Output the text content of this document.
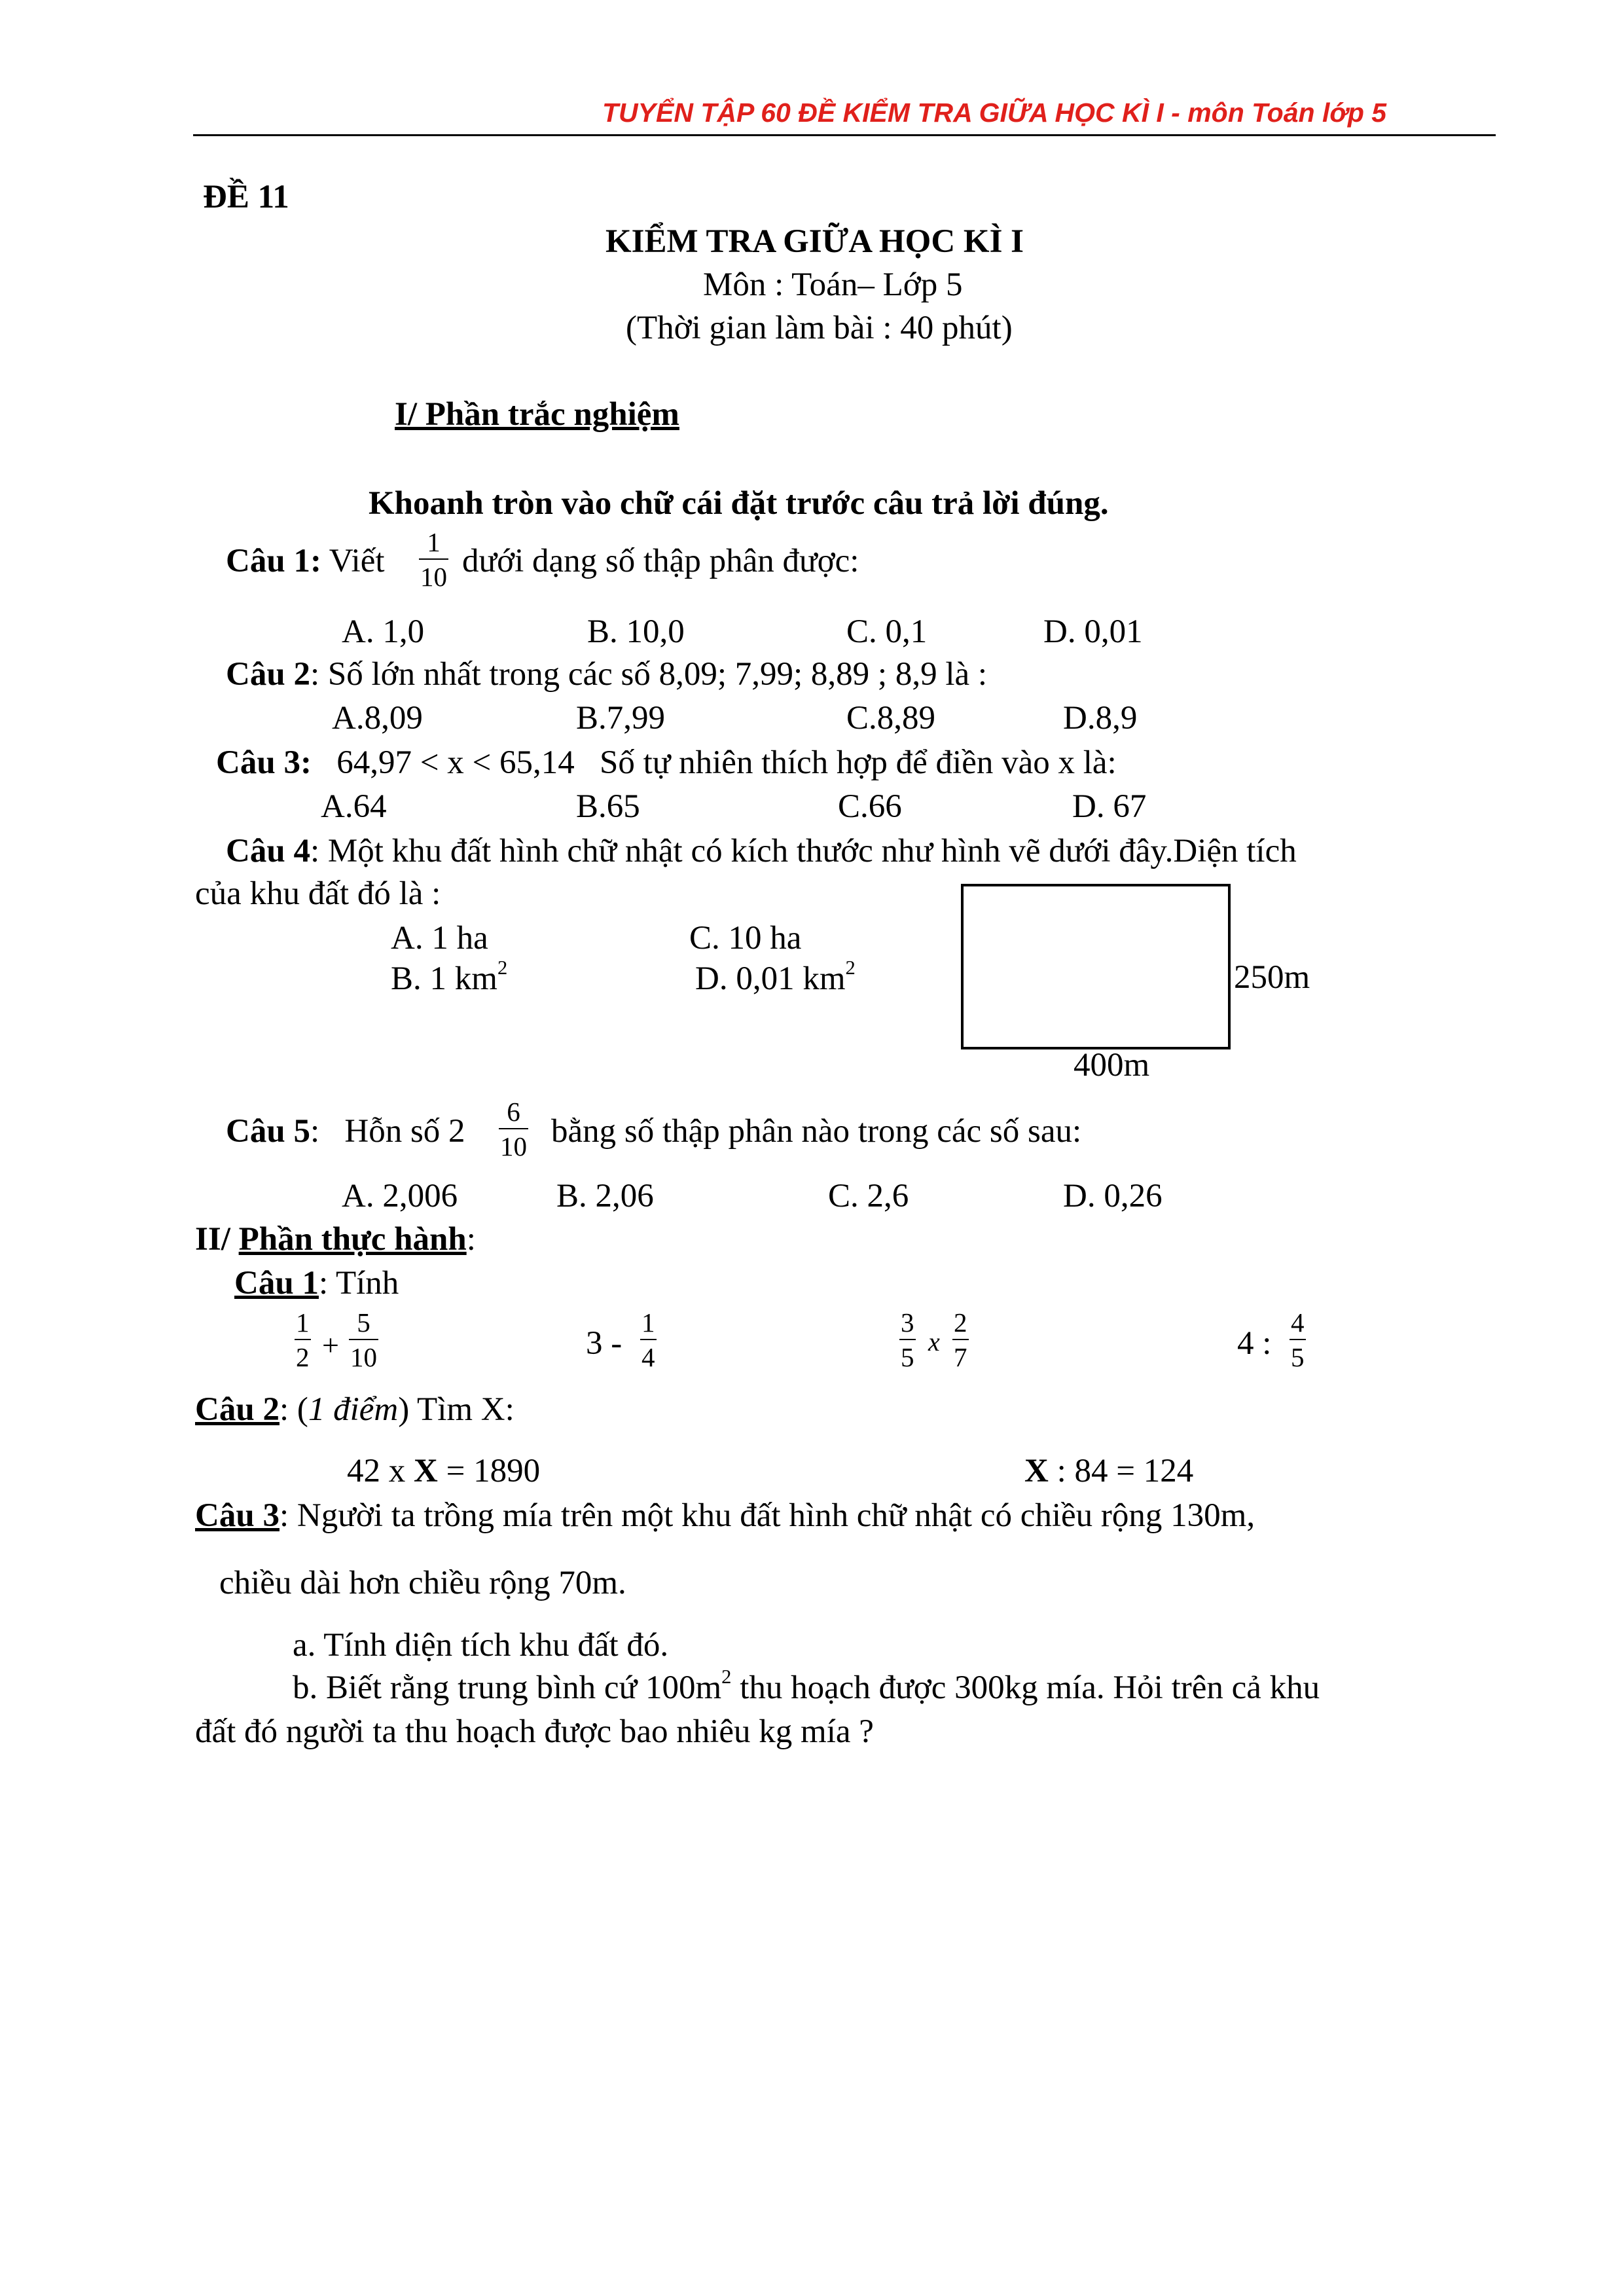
TUYỂN TẬP 60 ĐỀ KIỂM TRA GIỮA HỌC KÌ I - môn Toán lớp 5
ĐỀ 11
KIỂM TRA GIỮA HỌC KÌ I
Môn : Toán– Lớp 5
(Thời gian làm bài : 40 phút)
I/ Phần trắc nghiệm
Khoanh tròn vào chữ cái đặt trước câu trả lời đúng.
Câu 1: Viết
1
10 dưới dạng số thập phân được:
A. 1,0	B. 10,0	C. 0,1	D. 0,01
Câu 2: Số lớn nhất trong các số 8,09; 7,99; 8,89 ; 8,9 là :
A.8,09	B.7,99	C.8,89	D.8,9
Câu 3: 64,97 < x < 65,14   Số tự nhiên thích hợp để điền vào x là:
A.64	B.65	C.66	D. 67
Câu 4: Một khu đất hình chữ nhật có kích thước như hình vẽ dưới đây.Diện tích
của khu đất đó là :
A. 1 ha	C. 10 ha
B. 1 $km^2$	D. 0,01 $km^2$	250m
400m
Câu 5:   Hỗn số 2
6
10 bằng số thập phân nào trong các số sau:
A. 2,006	B. 2,06	C. 2,6	D. 0,26
II/ Phần thực hành:
Câu 1: Tính
1
2 +
5
10	3 -
1
4
3
5
x
2
7	4 :
4
5
Câu 2: (1 điểm) Tìm X:
42 x X = 1890	X : 84 = 124
Câu 3: Người ta trồng mía trên một khu đất hình chữ nhật có chiều rộng 130m,
chiều dài hơn chiều rộng 70m.
a. Tính diện tích khu đất đó.
b. Biết rằng trung bình cứ $100m^2$ thu hoạch được 300kg mía. Hỏi trên cả khu
đất đó người ta thu hoạch được bao nhiêu kg mía ?
